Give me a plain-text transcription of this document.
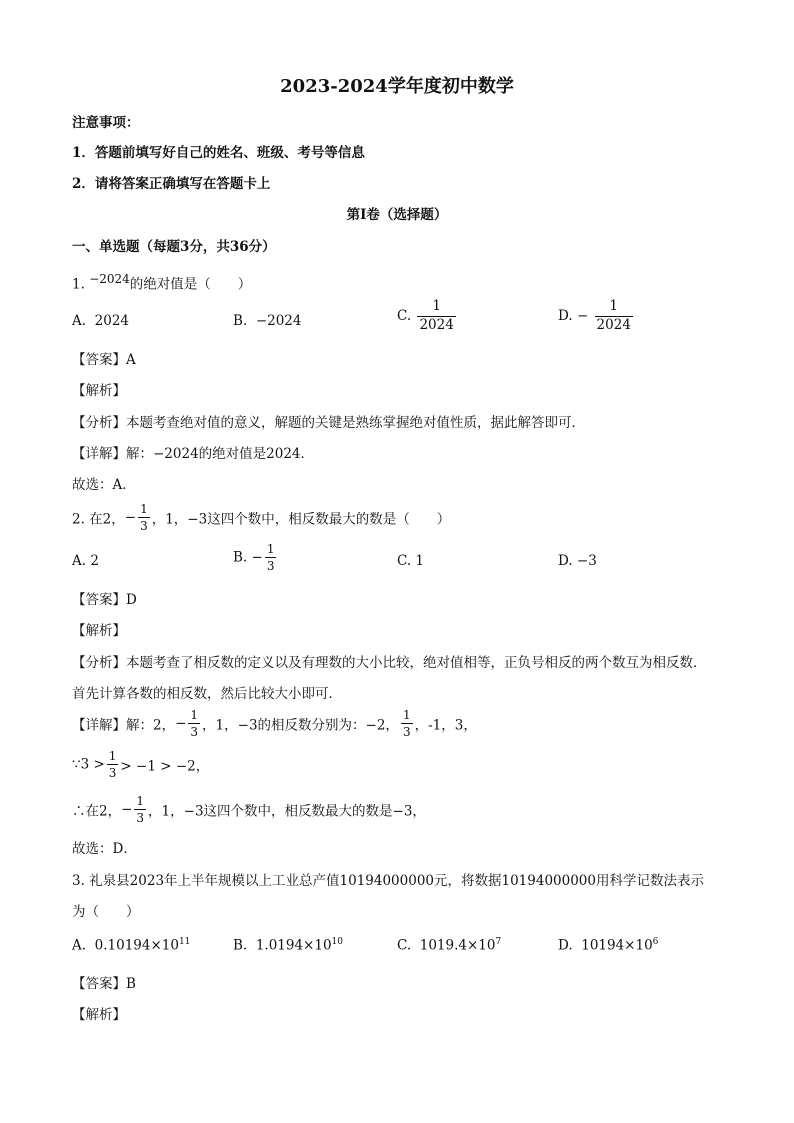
2023-2024学年度初中数学
注意事项：
1．答题前填写好自己的姓名、班级、考号等信息
2．请将答案正确填写在答题卡上
第Ⅰ卷（选择题）
一、单选题（每题3分，共36分）
1. $^{-2024}$的绝对值是（　　）
A. 2024	B. −2024	C. $\frac{1}{2024}$	D. − $\frac{1}{2024}$
【答案】A
【解析】
【分析】本题考查绝对值的意义，解题的关键是熟练掌握绝对值性质，据此解答即可．
【详解】解：−2024的绝对值是2024．
故选：A．
2. 在2，− $\frac{1}{3}$ ，1，−3这四个数中，相反数最大的数是（　　）
A. 2	B. − $\frac{1}{3}$	C. 1	D. −3
【答案】D
【解析】
【分析】本题考查了相反数的定义以及有理数的大小比较，绝对值相等，正负号相反的两个数互为相反数．
首先计算各数的相反数，然后比较大小即可．
【详解】解：2，− $\frac{1}{3}$ ，1，−3的相反数分别为：−2， $\frac{1}{3}$ ，-1，3，
∵3 > $\frac{1}{3} > -1 > -2$，
∴在2，− $\frac{1}{3}$ ，1，−3这四个数中，相反数最大的数是−3，
故选：D．
3. 礼泉县2023年上半年规模以上工业总产值10194000000元，将数据10194000000用科学记数法表示
为（　　）
A. $0.10194\times 10^{11}$	B. $1.0194\times 10^{10}$	C. $1019.4\times 10^7$	D. $10194\times 10^6$
【答案】B
【解析】
